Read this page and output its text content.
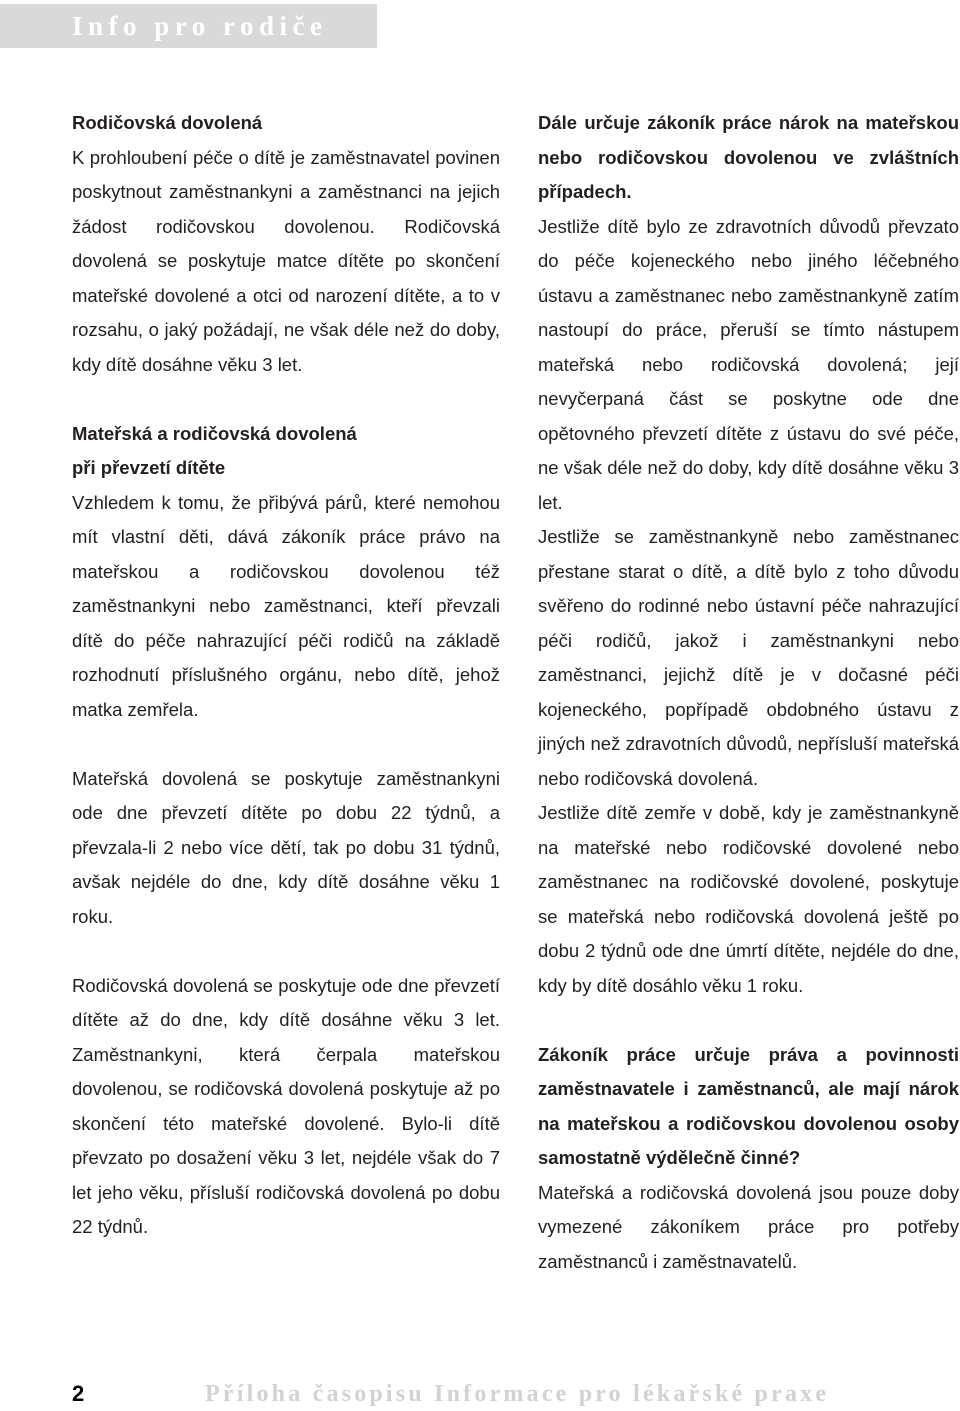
Info pro rodiče
Rodičovská dovolená

K prohloubení péče o dítě je zaměstnavatel povinen poskytnout zaměstnankyni a zaměstnanci na jejich žádost rodičovskou dovolenou. Rodičovská dovolená se poskytuje matce dítěte po skončení mateřské dovolené a otci od narození dítěte, a to v rozsahu, o jaký požádají, ne však déle než do doby, kdy dítě dosáhne věku 3 let.

Mateřská a rodičovská dovolená
při převzetí dítěte

Vzhledem k tomu, že přibývá párů, které nemohou mít vlastní děti, dává zákoník práce právo na mateřskou a rodičovskou dovolenou též zaměstnankyni nebo zaměstnanci, kteří převzali dítě do péče nahrazující péči rodičů na základě rozhodnutí příslušného orgánu, nebo dítě, jehož matka zemřela.

Mateřská dovolená se poskytuje zaměstnankyni ode dne převzetí dítěte po dobu 22 týdnů, a převzala-li 2 nebo více dětí, tak po dobu 31 týdnů, avšak nejdéle do dne, kdy dítě dosáhne věku 1 roku.

Rodičovská dovolená se poskytuje ode dne převzetí dítěte až do dne, kdy dítě dosáhne věku 3 let. Zaměstnankyni, která čerpala mateřskou dovolenou, se rodičovská dovolená poskytuje až po skončení této mateřské dovolené. Bylo-li dítě převzato po dosažení věku 3 let, nejdéle však do 7 let jeho věku, přísluší rodičovská dovolená po dobu 22 týdnů.

Dále určuje zákoník práce nárok na mateřskou nebo rodičovskou dovolenou ve zvláštních případech.

Jestliže dítě bylo ze zdravotních důvodů převzato do péče kojeneckého nebo jiného léčebného ústavu a zaměstnanec nebo zaměstnankyně zatím nastoupí do práce, přeruší se tímto nástupem mateřská nebo rodičovská dovolená; její nevyčerpaná část se poskytne ode dne opětovného převzetí dítěte z ústavu do své péče, ne však déle než do doby, kdy dítě dosáhne věku 3 let.

Jestliže se zaměstnankyně nebo zaměstnanec přestane starat o dítě, a dítě bylo z toho důvodu svěřeno do rodinné nebo ústavní péče nahrazující péči rodičů, jakož i zaměstnankyni nebo zaměstnanci, jejichž dítě je v dočasné péči kojeneckého, popřípadě obdobného ústavu z jiných než zdravotních důvodů, nepřísluší mateřská nebo rodičovská dovolená.

Jestliže dítě zemře v době, kdy je zaměstnankyně na mateřské nebo rodičovské dovolené nebo zaměstnanec na rodičovské dovolené, poskytuje se mateřská nebo rodičovská dovolená ještě po dobu 2 týdnů ode dne úmrtí dítěte, nejdéle do dne, kdy by dítě dosáhlo věku 1 roku.

Zákoník práce určuje práva a povinnosti zaměstnavatele i zaměstnanců, ale mají nárok na mateřskou a rodičovskou dovolenou osoby samostatně výdělečně činné?

Mateřská a rodičovská dovolená jsou pouze doby vymezené zákoníkem práce pro potřeby zaměstnanců i zaměstnavatelů.

2	Příloha časopisu Informace pro lékařské praxe
